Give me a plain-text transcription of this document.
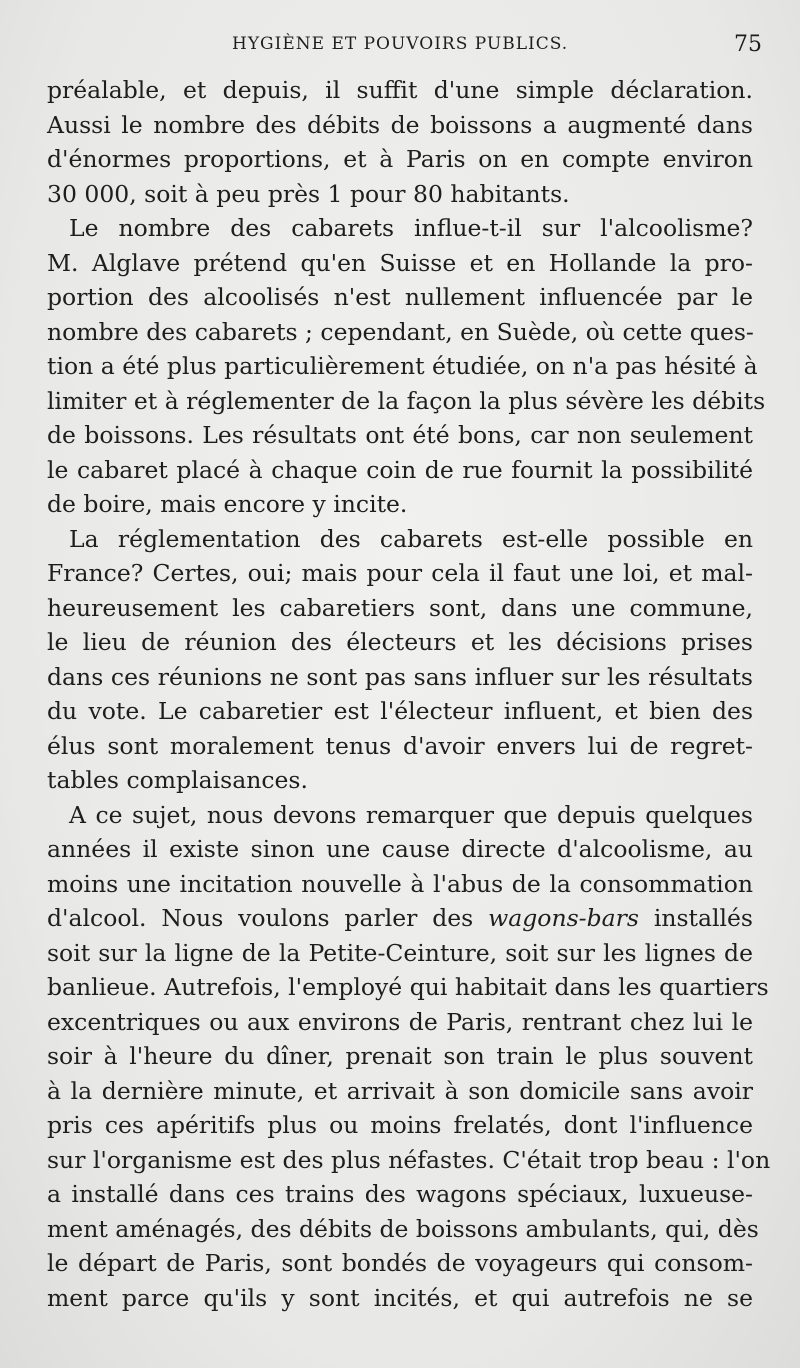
HYGIÈNE ET POUVOIRS PUBLICS.	75
préalable, et depuis, il suffit d'une simple déclaration.
Aussi le nombre des débits de boissons a augmenté dans
d'énormes proportions, et à Paris on en compte environ
30 000, soit à peu près 1 pour 80 habitants.
Le nombre des cabarets influe-t-il sur l'alcoolisme?
M. Alglave prétend qu'en Suisse et en Hollande la pro-
portion des alcoolisés n'est nullement influencée par le
nombre des cabarets ; cependant, en Suède, où cette ques-
tion a été plus particulièrement étudiée, on n'a pas hésité à
limiter et à réglementer de la façon la plus sévère les débits
de boissons. Les résultats ont été bons, car non seulement
le cabaret placé à chaque coin de rue fournit la possibilité
de boire, mais encore y incite.
La réglementation des cabarets est-elle possible en
France? Certes, oui; mais pour cela il faut une loi, et mal-
heureusement les cabaretiers sont, dans une commune,
le lieu de réunion des électeurs et les décisions prises
dans ces réunions ne sont pas sans influer sur les résultats
du vote. Le cabaretier est l'électeur influent, et bien des
élus sont moralement tenus d'avoir envers lui de regret-
tables complaisances.
A ce sujet, nous devons remarquer que depuis quelques
années il existe sinon une cause directe d'alcoolisme, au
moins une incitation nouvelle à l'abus de la consommation
d'alcool. Nous voulons parler des wagons-bars installés
soit sur la ligne de la Petite-Ceinture, soit sur les lignes de
banlieue. Autrefois, l'employé qui habitait dans les quartiers
excentriques ou aux environs de Paris, rentrant chez lui le
soir à l'heure du dîner, prenait son train le plus souvent
à la dernière minute, et arrivait à son domicile sans avoir
pris ces apéritifs plus ou moins frelatés, dont l'influence
sur l'organisme est des plus néfastes. C'était trop beau : l'on
a installé dans ces trains des wagons spéciaux, luxueuse-
ment aménagés, des débits de boissons ambulants, qui, dès
le départ de Paris, sont bondés de voyageurs qui consom-
ment parce qu'ils y sont incités, et qui autrefois ne se
